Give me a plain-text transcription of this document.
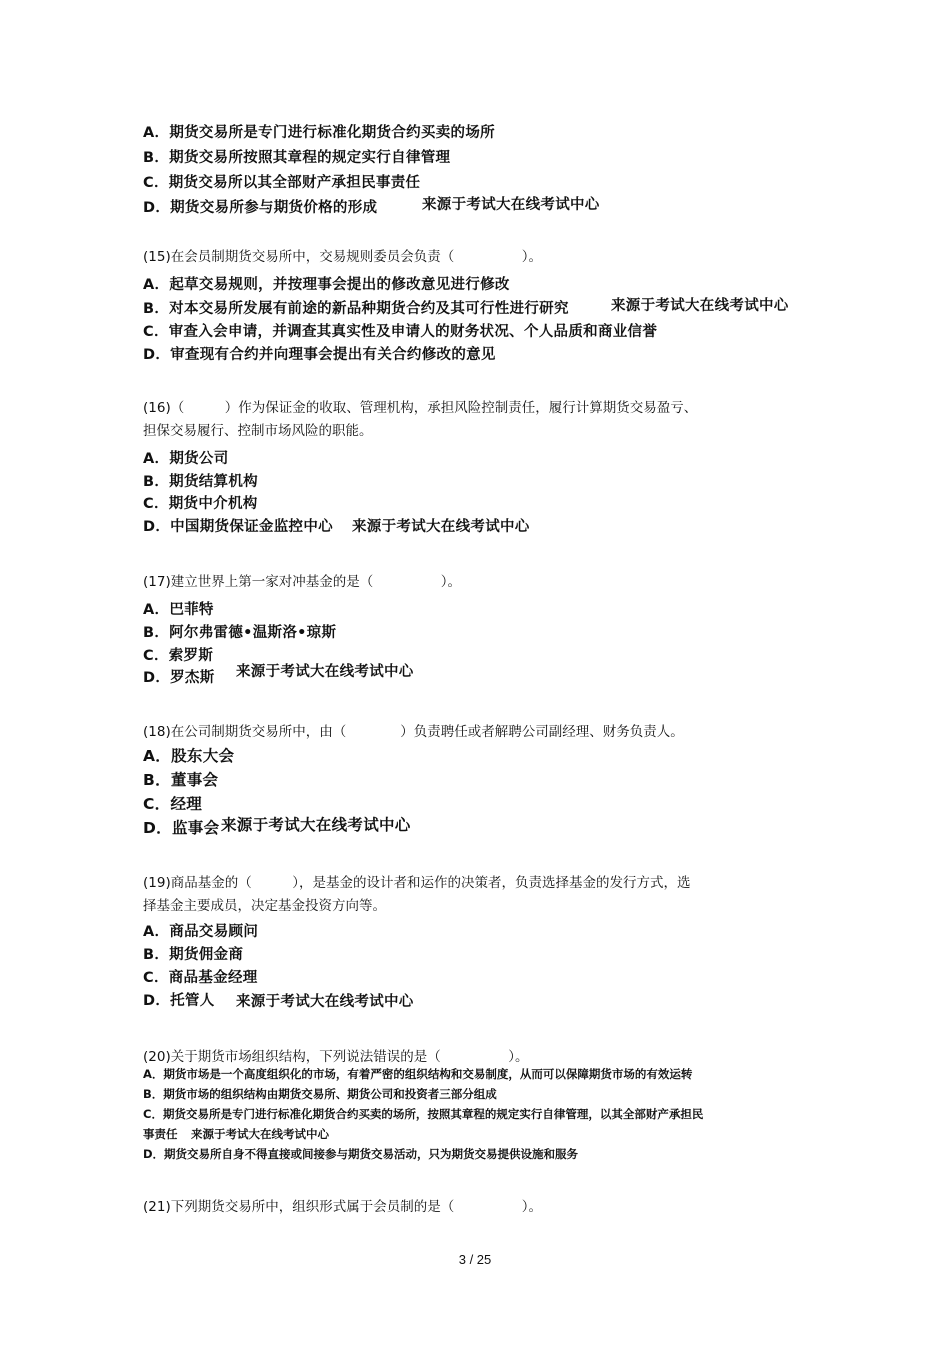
A．期货交易所是专门进行标准化期货合约买卖的场所
B．期货交易所按照其章程的规定实行自律管理
C．期货交易所以其全部财产承担民事责任
D．期货交易所参与期货价格的形成	来源于考试大在线考试中心
(15)在会员制期货交易所中，交易规则委员会负责（　　　　　）。
A．起草交易规则，并按理事会提出的修改意见进行修改
B．对本交易所发展有前途的新品种期货合约及其可行性进行研究	来源于考试大在线考试中心
C．审查入会申请，并调查其真实性及申请人的财务状况、个人品质和商业信誉
D．审查现有合约并向理事会提出有关合约修改的意见
(16)（　　　）作为保证金的收取、管理机构，承担风险控制责任，履行计算期货交易盈亏、
担保交易履行、控制市场风险的职能。
A．期货公司
B．期货结算机构
C．期货中介机构
D．中国期货保证金监控中心 来源于考试大在线考试中心
(17)建立世界上第一家对冲基金的是（　　　　　）。
A．巴菲特
B．阿尔弗雷德•温斯洛•琼斯
C．索罗斯
D．罗杰斯 来源于考试大在线考试中心
(18)在公司制期货交易所中，由（　　　　）负责聘任或者解聘公司副经理、财务负责人。
A．股东大会
B．董事会
C．经理
D．监事会 来源于考试大在线考试中心
(19)商品基金的（　　　），是基金的设计者和运作的决策者，负责选择基金的发行方式，选
择基金主要成员，决定基金投资方向等。
A．商品交易顾问
B．期货佣金商
C．商品基金经理
D．托管人 来源于考试大在线考试中心
(20)关于期货市场组织结构，下列说法错误的是（　　　　　）。
A．期货市场是一个高度组织化的市场，有着严密的组织结构和交易制度，从而可以保障期货市场的有效运转
B．期货市场的组织结构由期货交易所、期货公司和投资者三部分组成
C．期货交易所是专门进行标准化期货合约买卖的场所，按照其章程的规定实行自律管理，以其全部财产承担民
事责任 来源于考试大在线考试中心
D．期货交易所自身不得直接或间接参与期货交易活动，只为期货交易提供设施和服务
(21)下列期货交易所中，组织形式属于会员制的是（　　　　　）。
3 / 25
